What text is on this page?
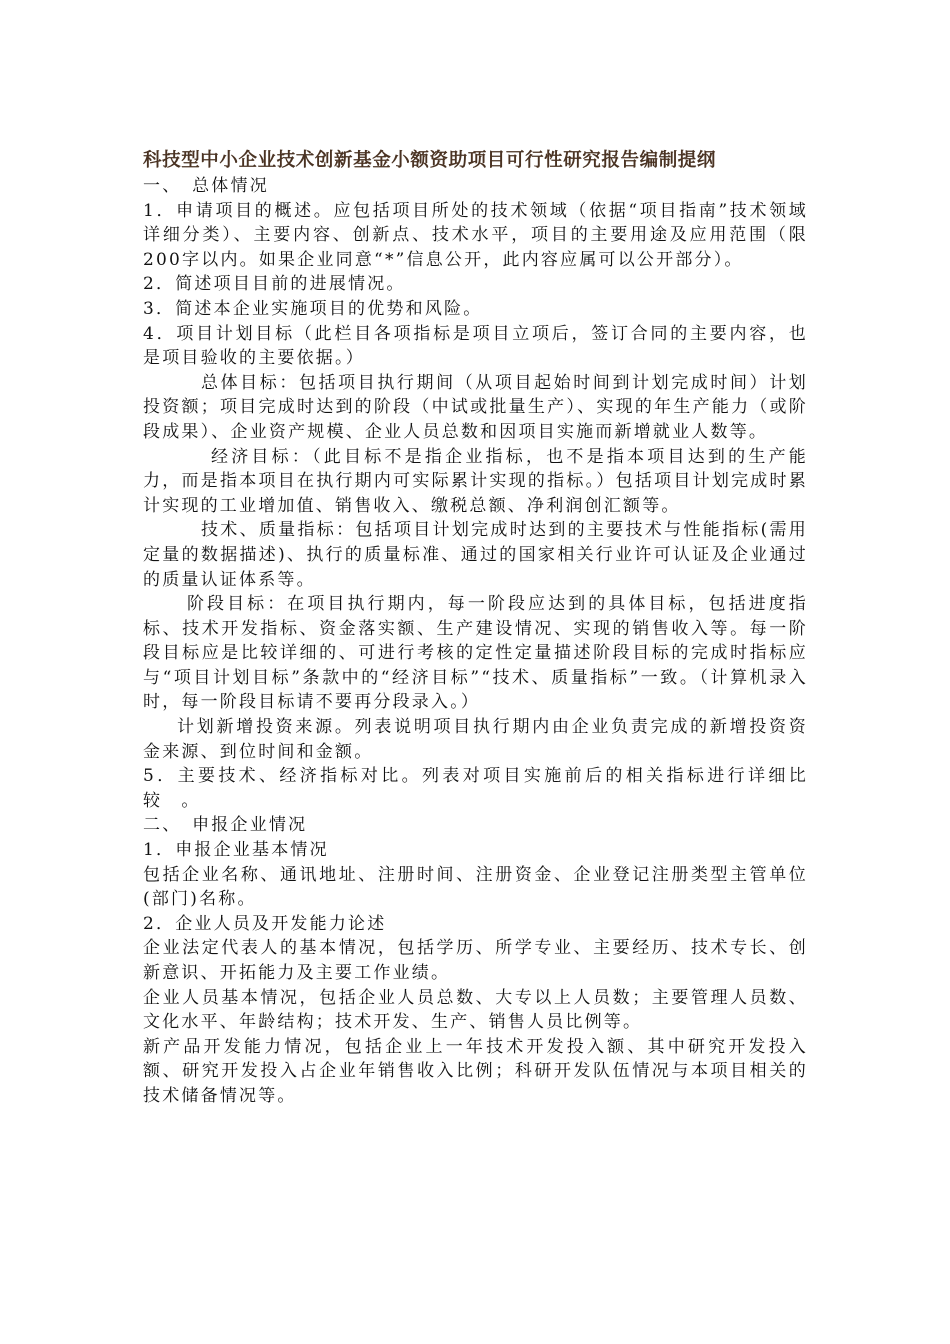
科技型中小企业技术创新基金小额资助项目可行性研究报告编制提纲

一、　总体情况

1．申请项目的概述。应包括项目所处的技术领域（依据“项目指南”技术领域详细分类）、主要内容、创新点、技术水平，项目的主要用途及应用范围（限200字以内。如果企业同意“*”信息公开，此内容应属可以公开部分）。

2．简述项目目前的进展情况。

3．简述本企业实施项目的优势和风险。

4．项目计划目标（此栏目各项指标是项目立项后，签订合同的主要内容，也是项目验收的主要依据。）

总体目标：包括项目执行期间（从项目起始时间到计划完成时间）计划投资额；项目完成时达到的阶段（中试或批量生产）、实现的年生产能力（或阶段成果）、企业资产规模、企业人员总数和因项目实施而新增就业人数等。

经济目标：（此目标不是指企业指标，也不是指本项目达到的生产能力，而是指本项目在执行期内可实际累计实现的指标。）包括项目计划完成时累计实现的工业增加值、销售收入、缴税总额、净利润创汇额等。

技术、质量指标：包括项目计划完成时达到的主要技术与性能指标(需用定量的数据描述)、执行的质量标准、通过的国家相关行业许可认证及企业通过的质量认证体系等。

阶段目标：在项目执行期内，每一阶段应达到的具体目标，包括进度指标、技术开发指标、资金落实额、生产建设情况、实现的销售收入等。每一阶段目标应是比较详细的、可进行考核的定性定量描述阶段目标的完成时指标应与“项目计划目标”条款中的“经济目标”“技术、质量指标”一致。（计算机录入时，每一阶段目标请不要再分段录入。）

计划新增投资来源。列表说明项目执行期内由企业负责完成的新增投资资金来源、到位时间和金额。

5．主要技术、经济指标对比。列表对项目实施前后的相关指标进行详细比较　。

二、　申报企业情况

1．申报企业基本情况

包括企业名称、通讯地址、注册时间、注册资金、企业登记注册类型主管单位(部门)名称。

2．企业人员及开发能力论述

企业法定代表人的基本情况，包括学历、所学专业、主要经历、技术专长、创新意识、开拓能力及主要工作业绩。

企业人员基本情况，包括企业人员总数、大专以上人员数；主要管理人员数、文化水平、年龄结构；技术开发、生产、销售人员比例等。

新产品开发能力情况，包括企业上一年技术开发投入额、其中研究开发投入额、研究开发投入占企业年销售收入比例；科研开发队伍情况与本项目相关的技术储备情况等。
